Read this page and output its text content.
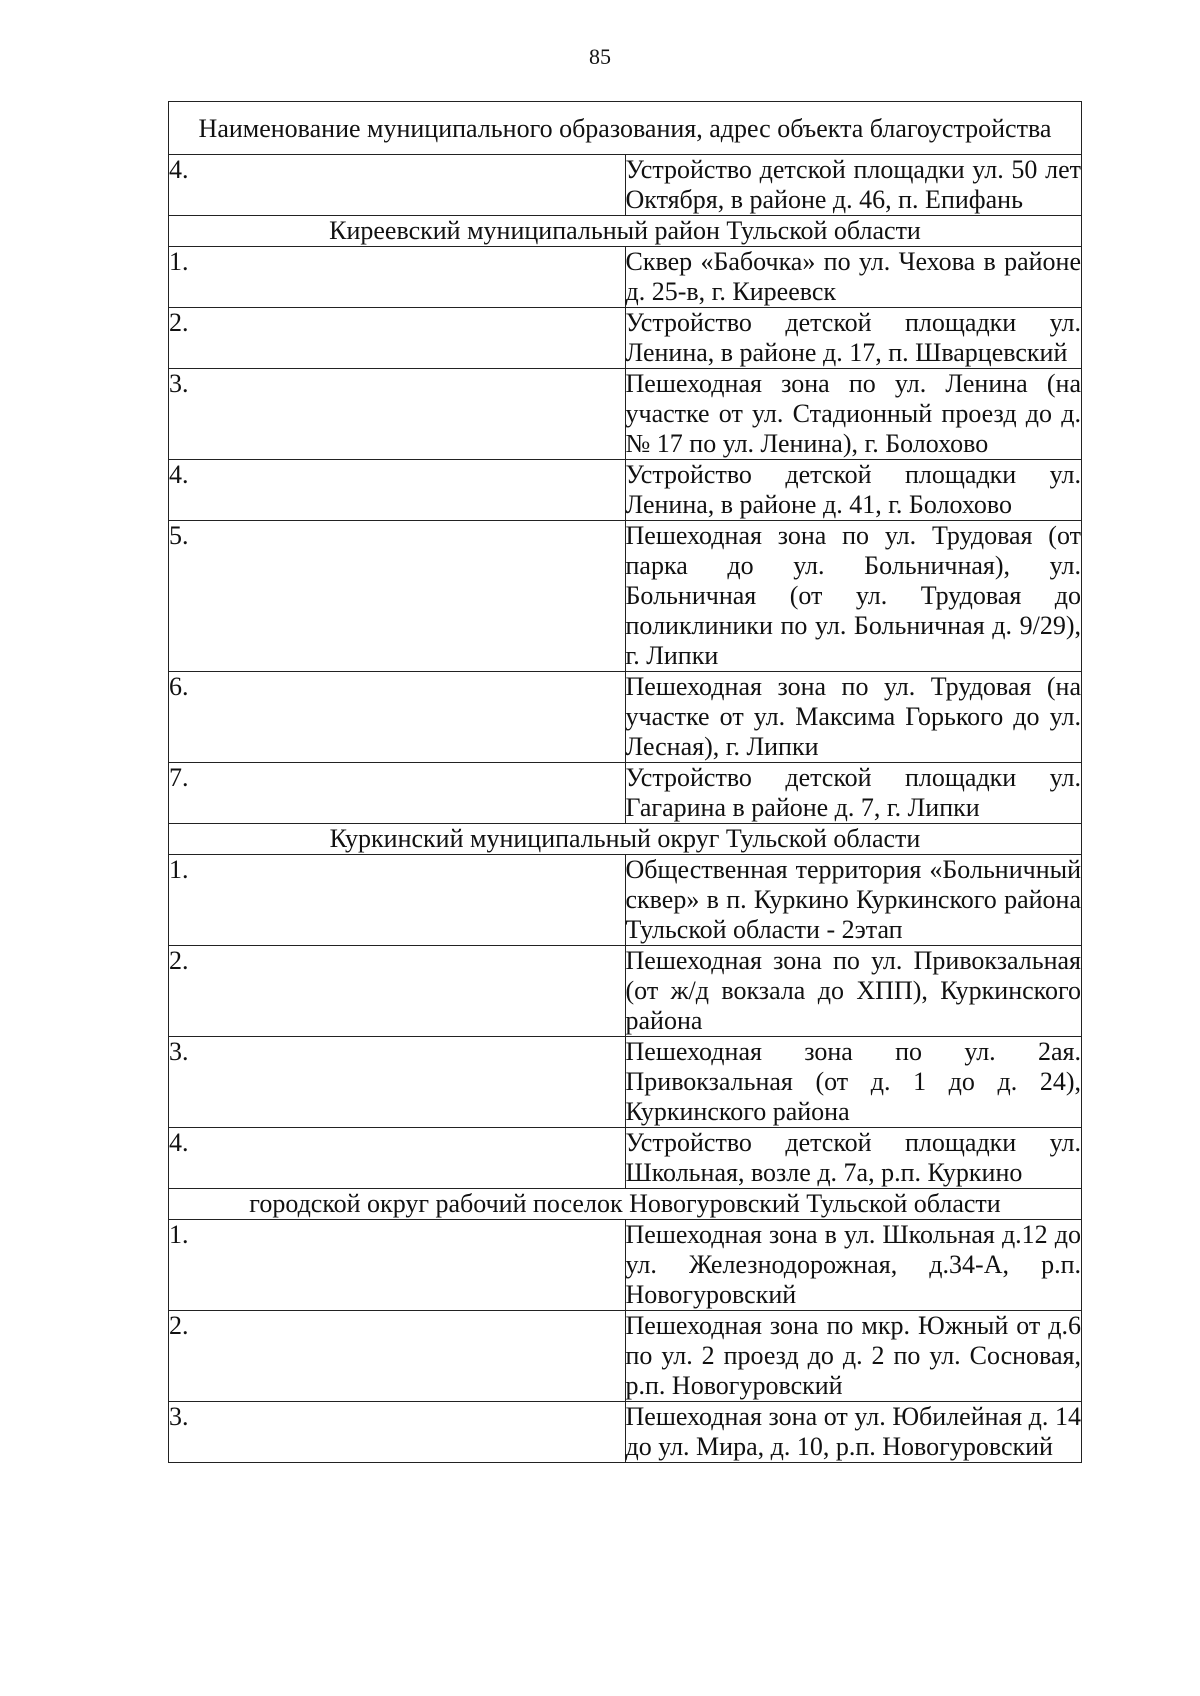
85
Наименование муниципального образования, адрес объекта благоустройства	
4.	Устройство детской площадки ул. 50 лет Октября, в районе д. 46, п. Епифань
Киреевский муниципальный район Тульской области	
1.	Сквер «Бабочка» по ул. Чехова в районе д. 25-в, г. Киреевск
2.	Устройство детской площадки ул. Ленина, в районе д. 17, п. Шварцевский
3.	Пешеходная зона по ул. Ленина (на участке от ул. Стадионный проезд до д. № 17 по ул. Ленина), г. Болохово
4.	Устройство детской площадки ул. Ленина, в районе д. 41, г. Болохово
5.	Пешеходная зона по ул. Трудовая (от парка до ул. Больничная), ул. Больничная (от ул. Трудовая до поликлиники по ул. Больничная д. 9/29), г. Липки
6.	Пешеходная зона по ул. Трудовая (на участке от ул. Максима Горького до ул. Лесная), г. Липки
7.	Устройство детской площадки ул. Гагарина в районе д. 7, г. Липки
Куркинский муниципальный округ Тульской области	
1.	Общественная территория «Больничный сквер» в п. Куркино Куркинского района Тульской области - 2этап
2.	Пешеходная зона по ул. Привокзальная (от ж/д вокзала до ХПП), Куркинского района
3.	Пешеходная зона по ул. 2ая. Привокзальная (от д. 1 до д. 24), Куркинского района
4.	Устройство детской площадки ул. Школьная, возле д. 7а, р.п. Куркино
городской округ рабочий поселок Новогуровский Тульской области	
1.	Пешеходная зона в ул. Школьная д.12 до ул. Железнодорожная, д.34-А, р.п. Новогуровский
2.	Пешеходная зона по мкр. Южный от д.6 по ул. 2 проезд до д. 2 по ул. Сосновая, р.п. Новогуровский
3.	Пешеходная зона от ул. Юбилейная д. 14 до ул. Мира, д. 10, р.п. Новогуровский
